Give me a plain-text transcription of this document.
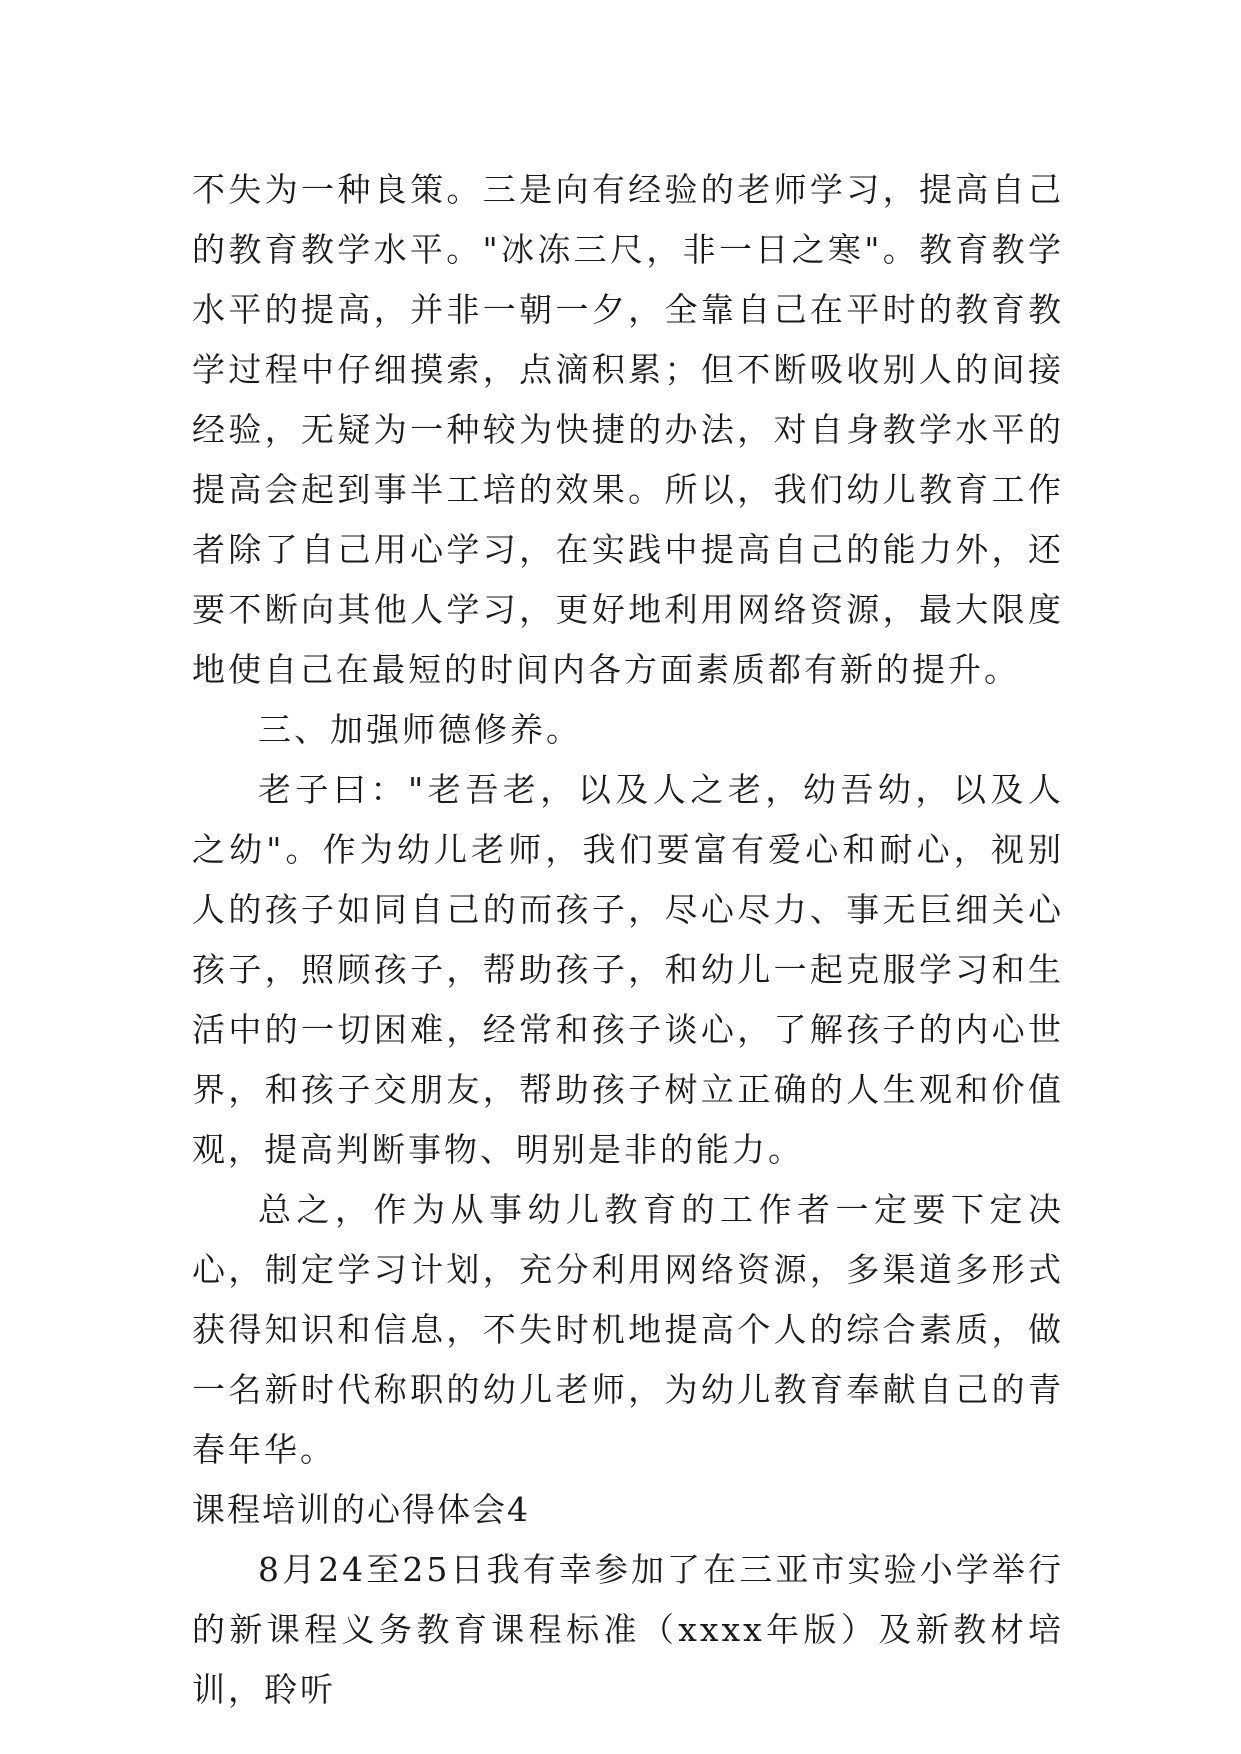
不失为一种良策。三是向有经验的老师学习，提高自己的教育教学水平。"冰冻三尺，非一日之寒"。教育教学水平的提高，并非一朝一夕，全靠自己在平时的教育教学过程中仔细摸索，点滴积累；但不断吸收别人的间接经验，无疑为一种较为快捷的办法，对自身教学水平的提高会起到事半工培的效果。所以，我们幼儿教育工作者除了自己用心学习，在实践中提高自己的能力外，还要不断向其他人学习，更好地利用网络资源，最大限度地使自己在最短的时间内各方面素质都有新的提升。

三、加强师德修养。

老子曰："老吾老，以及人之老，幼吾幼，以及人之幼"。作为幼儿老师，我们要富有爱心和耐心，视别人的孩子如同自己的而孩子，尽心尽力、事无巨细关心孩子，照顾孩子，帮助孩子，和幼儿一起克服学习和生活中的一切困难，经常和孩子谈心，了解孩子的内心世界，和孩子交朋友，帮助孩子树立正确的人生观和价值观，提高判断事物、明别是非的能力。

总之，作为从事幼儿教育的工作者一定要下定决心，制定学习计划，充分利用网络资源，多渠道多形式获得知识和信息，不失时机地提高个人的综合素质，做一名新时代称职的幼儿老师，为幼儿教育奉献自己的青春年华。

课程培训的心得体会4

8月24至25日我有幸参加了在三亚市实验小学举行的新课程义务教育课程标准（xxxx年版）及新教材培训，聆听
